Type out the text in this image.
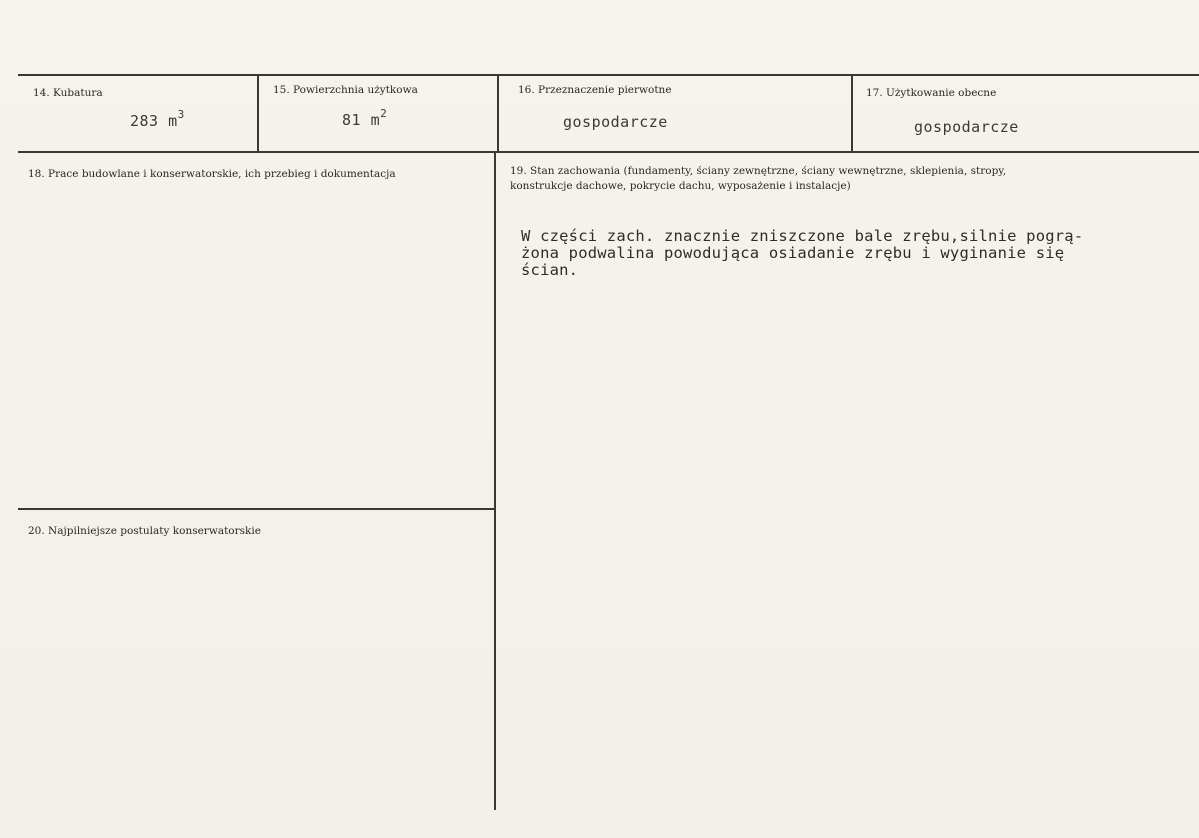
14. Kubatura
283 $m^3$
15. Powierzchnia użytkowa
81 $m^2$
16. Przeznaczenie pierwotne
gospodarcze
17. Użytkowanie obecne
gospodarcze
18. Prace budowlane i konserwatorskie, ich przebieg i dokumentacja	19. Stan zachowania (fundamenty, ściany zewnętrzne, ściany wewnętrzne, sklepienia, stropy,
konstrukcje dachowe, pokrycie dachu, wyposażenie i instalacje)
W części zach. znacznie zniszczone bale zrębu,silnie pogrą-
żona podwalina powodująca osiadanie zrębu i wyginanie się
ścian.
20. Najpilniejsze postulaty konserwatorskie
